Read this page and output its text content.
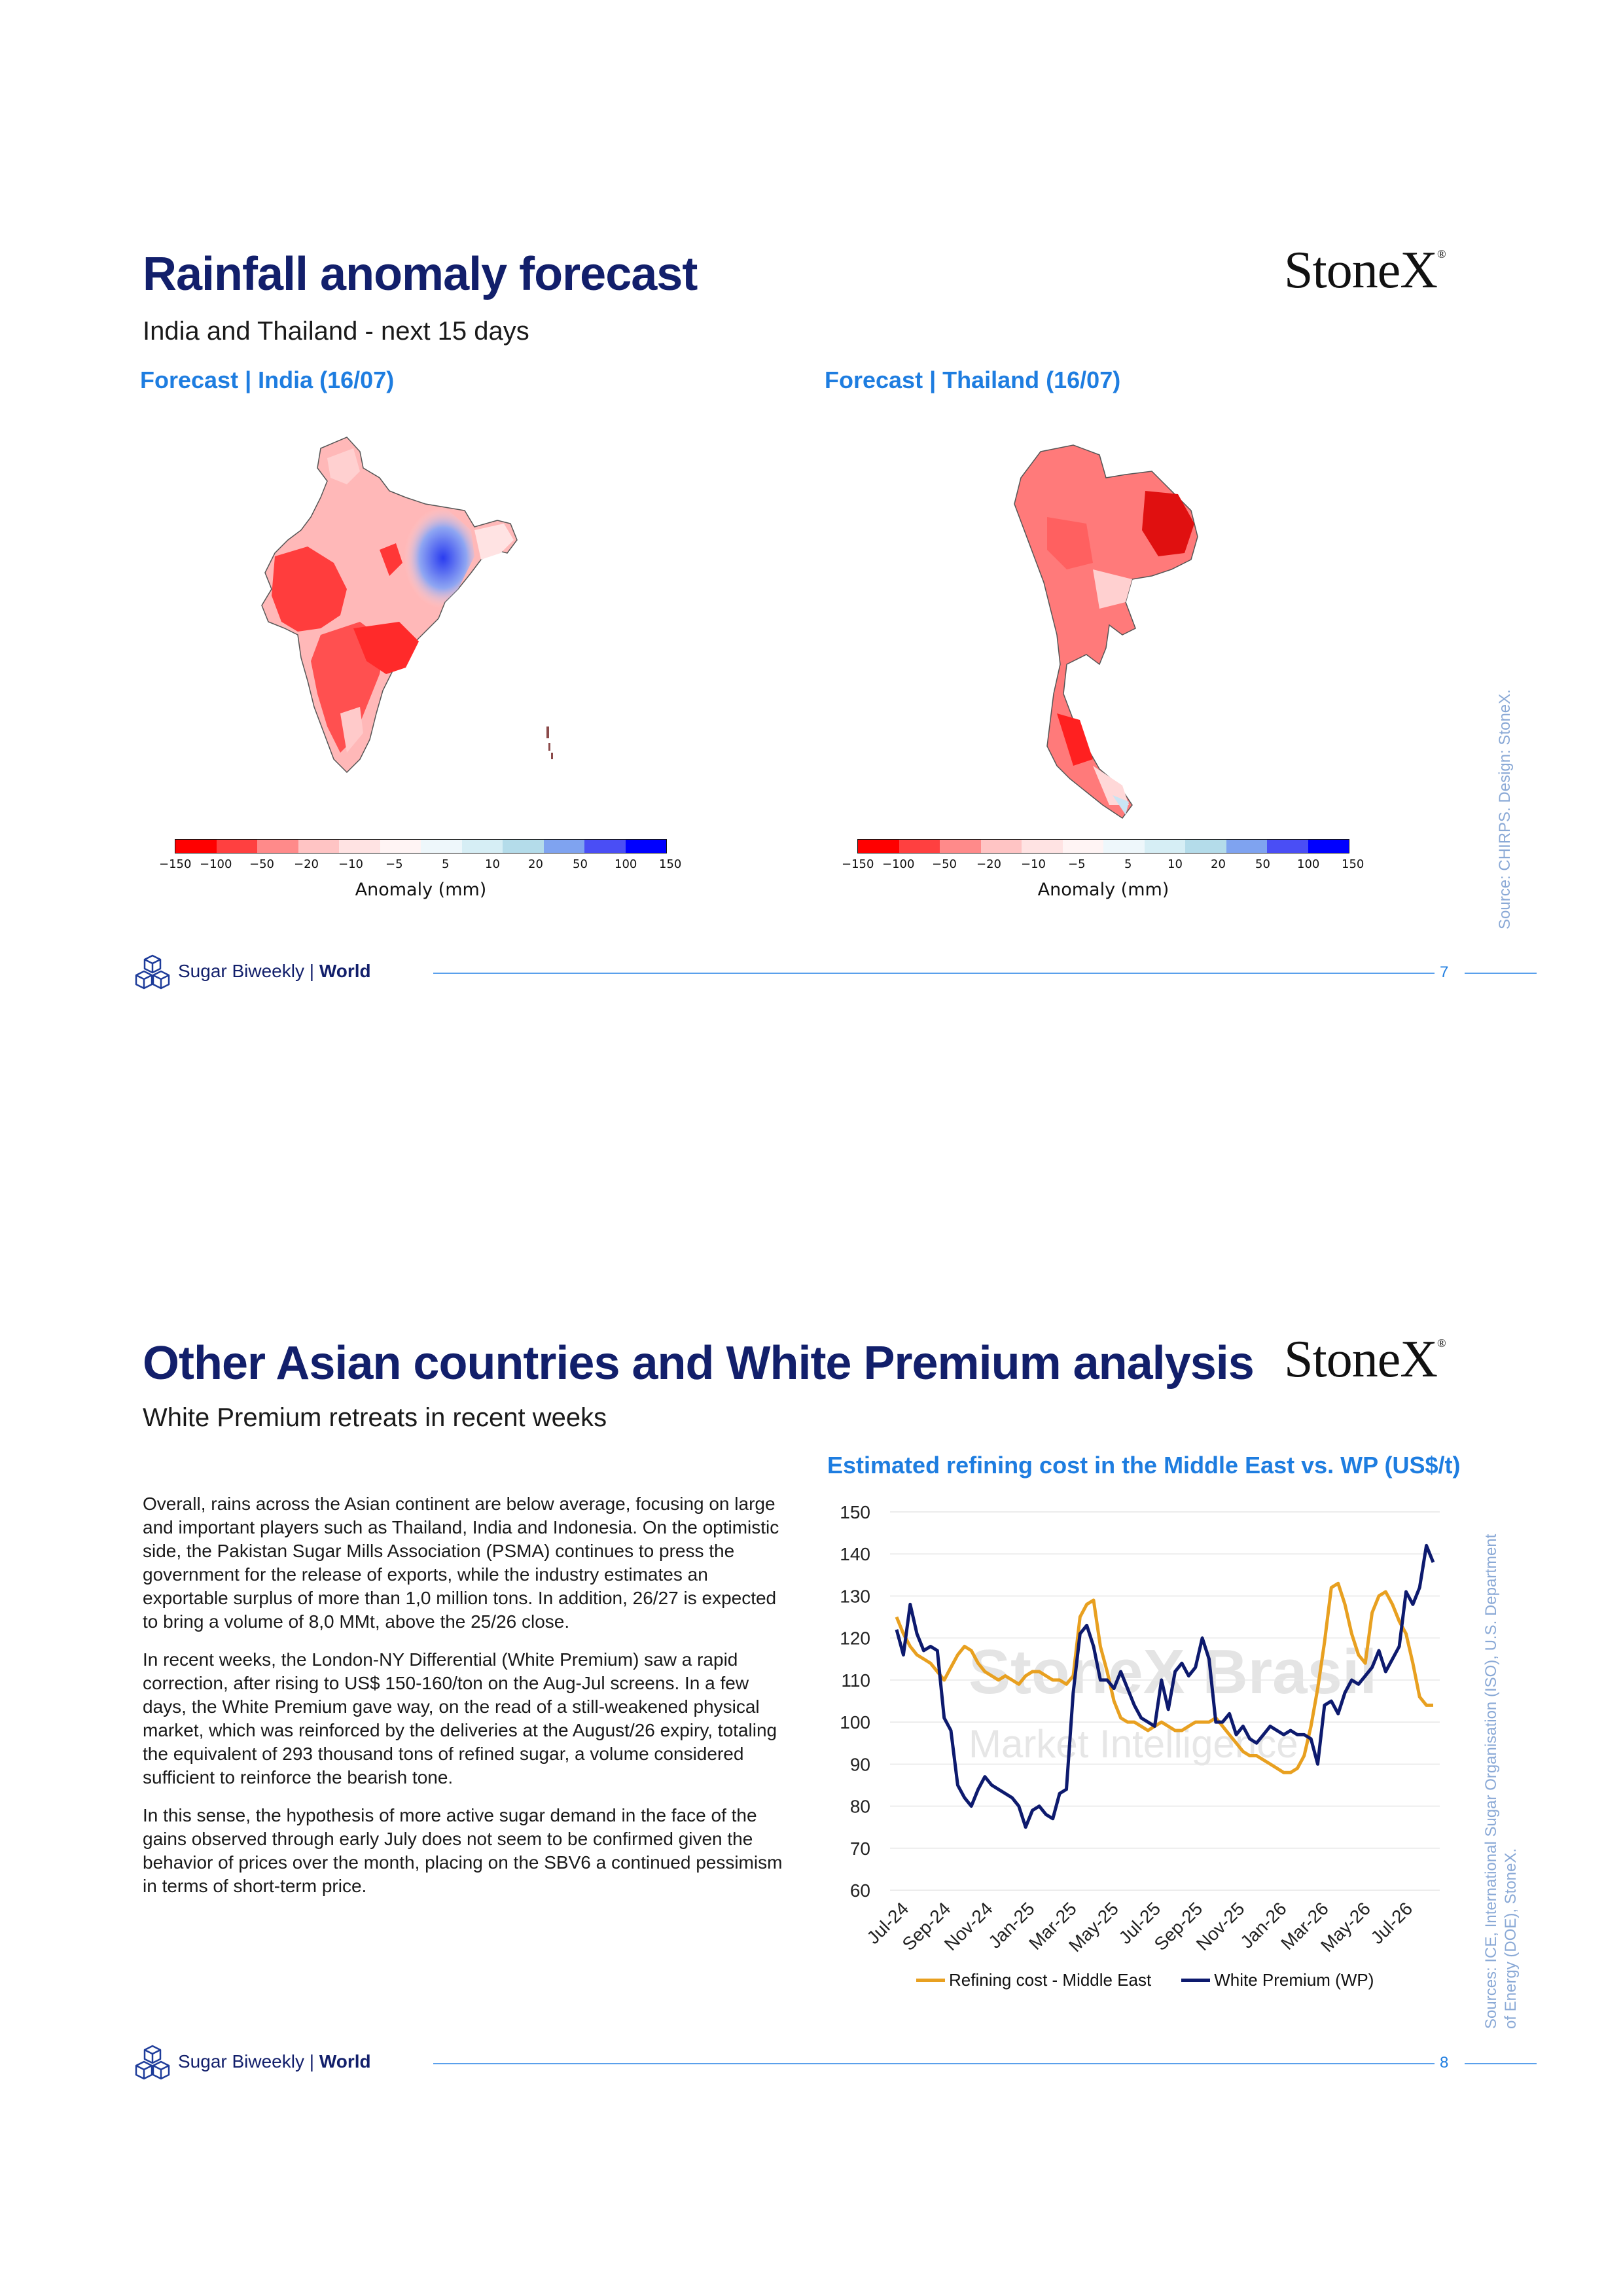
Rainfall anomaly forecast	StoneX®
India and Thailand - next 15 days
Forecast | India (16/07)	Forecast | Thailand (16/07)
−150 −100 −50 −20 −10 −5	5	10 20	50 100 150
Anomaly (mm)
−150 −100 −50 −20 −10 −5	5	10 20	50 100 150
Anomaly (mm)	Source: CHIRPS. Design: StoneX.
Sugar Biweekly | World	7
Other Asian countries and White Premium analysis StoneX®
White Premium retreats in recent weeks

Overall, rains across the Asian continent are below average, focusing on large and important players such as Thailand, India and Indonesia. On the optimistic side, the Pakistan Sugar Mills Association (PSMA) continues to press the government for the release of exports, while the industry estimates an exportable surplus of more than 1,0 million tons. In addition, 26/27 is expected to bring a volume of 8,0 MMt, above the 25/26 close.

In recent weeks, the London-NY Differential (White Premium) saw a rapid correction, after rising to US$ 150-160/ton on the Aug-Jul screens. In a few days, the White Premium gave way, on the read of a still-weakened physical market, which was reinforced by the deliveries at the August/26 expiry, totaling the equivalent of 293 thousand tons of refined sugar, a volume considered sufficient to reinforce the bearish tone.

In this sense, the hypothesis of more active sugar demand in the face of the gains observed through early July does not seem to be confirmed given the behavior of prices over the month, placing on the SBV6 a continued pessimism in terms of short-term price.

Estimated refining cost in the Middle East vs. WP (US$/t)
StoneX Brasil
Market Intelligence
60
70
80
90
100
110
120
130
140
150
Jul-24
Sep-24
Nov-24
Jan-25
Mar-25
May-25
Jul-25
Sep-25
Nov-25
Jan-26
Mar-26
May-26
Jul-26
Refining cost - Middle East	White Premium (WP)	Sources: ICE, International Sugar Organisation (ISO), U.S. Department of Energy (DOE), StoneX.
Sugar Biweekly | World	8
